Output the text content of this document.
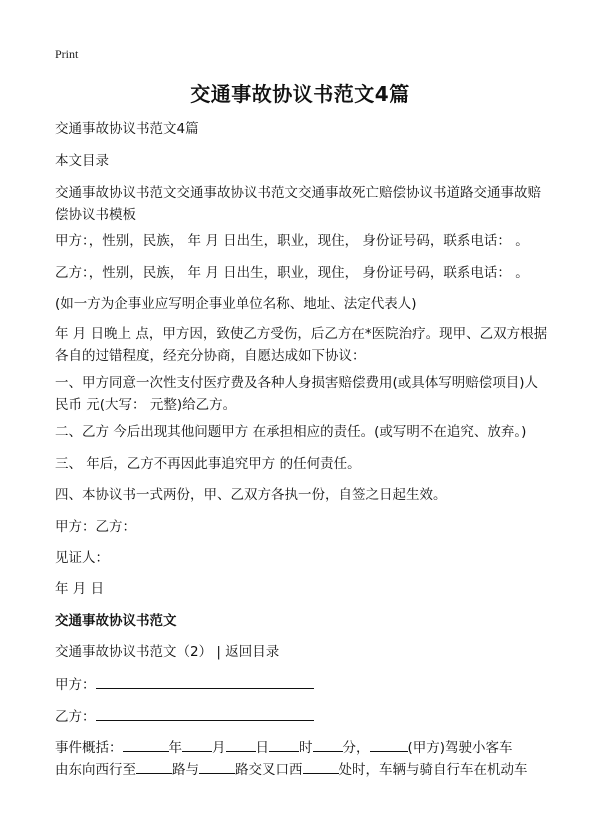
Print
交通事故协议书范文4篇

交通事故协议书范文4篇

本文目录

交通事故协议书范文交通事故协议书范文交通事故死亡赔偿协议书道路交通事故赔偿协议书模板

甲方：，性别，民族， 年 月 日出生，职业，现住， 身份证号码，联系电话： 。

乙方：，性别，民族， 年 月 日出生，职业，现住， 身份证号码，联系电话： 。

(如一方为企事业应写明企事业单位名称、地址、法定代表人)

年 月 日晚上 点，甲方因，致使乙方受伤，后乙方在*医院治疗。现甲、乙双方根据各自的过错程度，经充分协商，自愿达成如下协议：

一、甲方同意一次性支付医疗费及各种人身损害赔偿费用(或具体写明赔偿项目)人民币 元(大写： 元整)给乙方。

二、乙方 今后出现其他问题甲方 在承担相应的责任。(或写明不在追究、放弃。)

三、 年后，乙方不再因此事追究甲方 的任何责任。

四、本协议书一式两份，甲、乙双方各执一份，自签之日起生效。

甲方：乙方：

见证人：

年 月 日

交通事故协议书范文

交通事故协议书范文（2） | 返回目录

甲方：

乙方：

事件概括：	年 月 日 时 分，	(甲方)驾驶小客车

由东向西行至	路与	路交叉口西	处时，车辆与骑自行车在机动车
